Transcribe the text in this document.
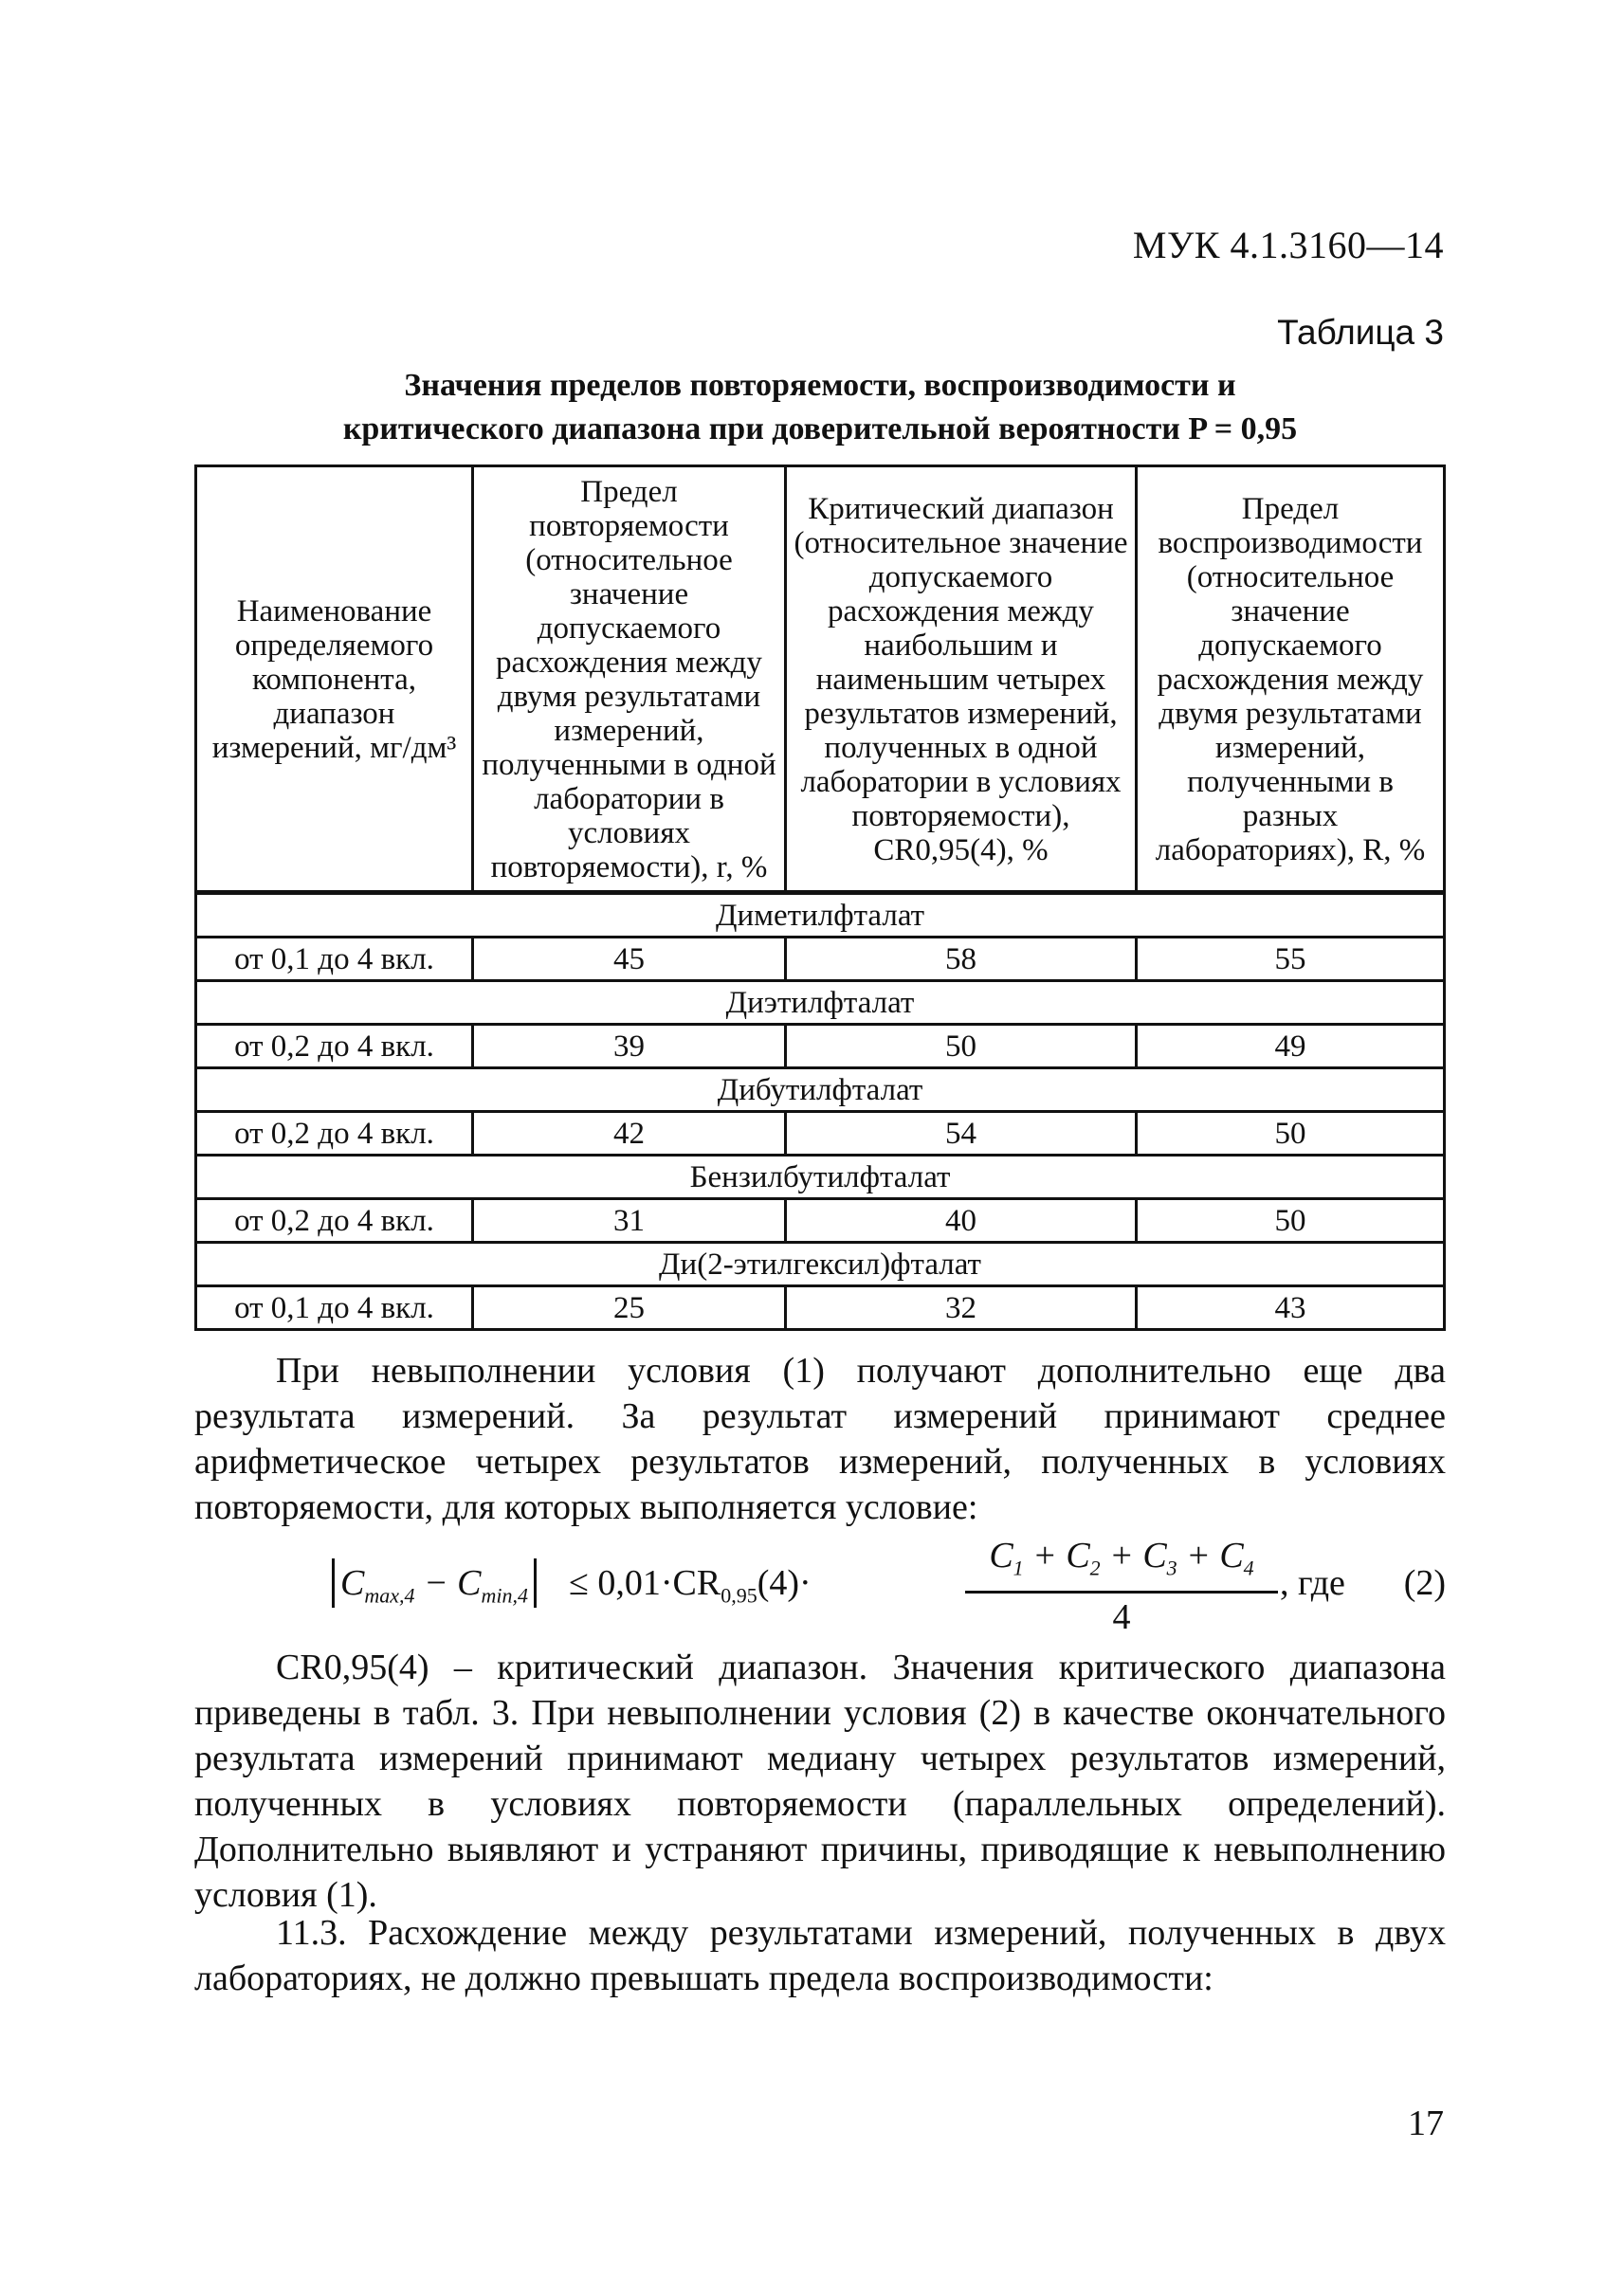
МУК 4.1.3160—14
Таблица 3
Значения пределов повторяемости, воспроизводимости и
критического диапазона при доверительной вероятности P = 0,95
Наименование определяемого компонента, диапазон измерений, мг/дм³	Предел повторяемости (относительное значение допускаемого расхождения между двумя результатами измерений, полученными в одной лаборатории в условиях повторяемости), r, %	Критический диапазон (относительное значение допускаемого расхождения между наибольшим и наименьшим четырех результатов измерений, полученных в одной лаборатории в условиях повторяемости), CR0,95(4), %	Предел воспроизводимости (относительное значение допускаемого расхождения между двумя результатами измерений, полученными в разных лабораториях), R, %
Диметилфталат			
от 0,1 до 4 вкл.	45	58	55
Диэтилфталат			
от 0,2 до 4 вкл.	39	50	49
Дибутилфталат			
от 0,2 до 4 вкл.	42	54	50
Бензилбутилфталат			
от 0,2 до 4 вкл.	31	40	50
Ди(2-этилгексил)фталат			
от 0,1 до 4 вкл.	25	32	43
При невыполнении условия (1) получают дополнительно еще два результата измерений. За результат измерений принимают среднее арифметическое четырех результатов измерений, полученных в условиях повторяемости, для которых выполняется условие:
$C_{max,4} - C_{min,4} \le 0,01\cdot CR_{0,95}(4)\cdot$	$\frac{C_1 + C_2 + C_3 + C_4}{4}$ , где (2)
CR0,95(4) – критический диапазон. Значения критического диапазона приведены в табл. 3. При невыполнении условия (2) в качестве окончательного результата измерений принимают медиану четырех результатов измерений, полученных в условиях повторяемости (параллельных определений). Дополнительно выявляют и устраняют причины, приводящие к невыполнению условия (1).
11.3. Расхождение между результатами измерений, полученных в двух лабораториях, не должно превышать предела воспроизводимости:
17
